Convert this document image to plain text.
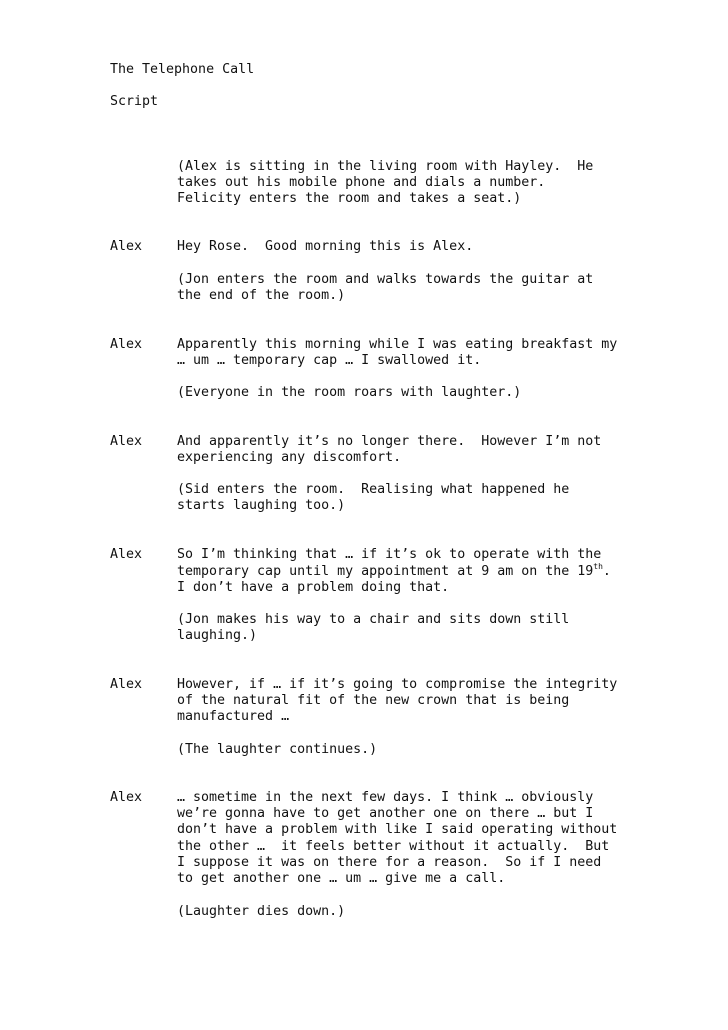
The Telephone Call
Script
(Alex is sitting in the living room with Hayley.  He
takes out his mobile phone and dials a number.
Felicity enters the room and takes a seat.)
Alex	Hey Rose.  Good morning this is Alex.
(Jon enters the room and walks towards the guitar at
the end of the room.)
Alex	Apparently this morning while I was eating breakfast my
… um … temporary cap … I swallowed it.
(Everyone in the room roars with laughter.)
Alex	And apparently it’s no longer there.  However I’m not
experiencing any discomfort.
(Sid enters the room.  Realising what happened he
starts laughing too.)
Alex	So I’m thinking that … if it’s ok to operate with the
temporary cap until my appointment at 9 am on the 19th.
I don’t have a problem doing that.
(Jon makes his way to a chair and sits down still
laughing.)
Alex	However, if … if it’s going to compromise the integrity
of the natural fit of the new crown that is being
manufactured …
(The laughter continues.)
Alex	… sometime in the next few days. I think … obviously
we’re gonna have to get another one on there … but I
don’t have a problem with like I said operating without
the other …  it feels better without it actually.  But
I suppose it was on there for a reason.  So if I need
to get another one … um … give me a call.
(Laughter dies down.)
